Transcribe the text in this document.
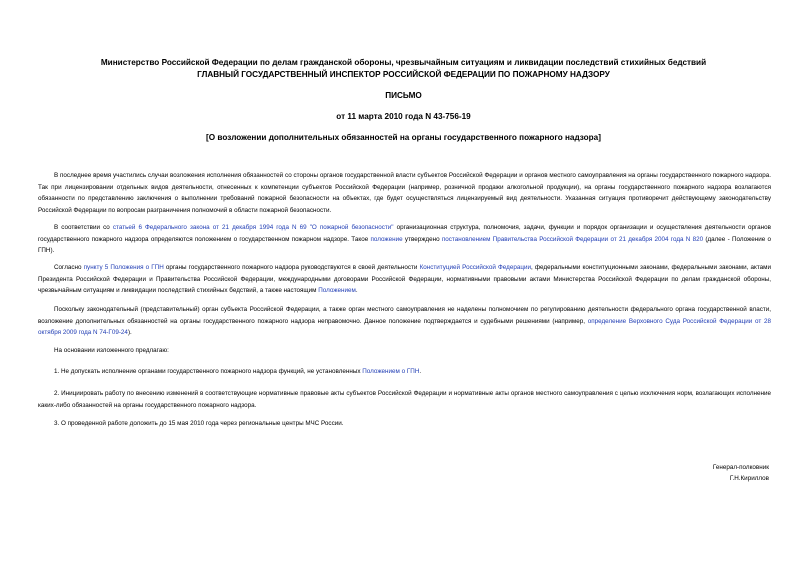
Министерство Российской Федерации по делам гражданской обороны, чрезвычайным ситуациям и ликвидации последствий стихийных бедствий
ГЛАВНЫЙ ГОСУДАРСТВЕННЫЙ ИНСПЕКТОР РОССИЙСКОЙ ФЕДЕРАЦИИ ПО ПОЖАРНОМУ НАДЗОРУ
ПИСЬМО
от 11 марта 2010 года N 43-756-19
[О возложении дополнительных обязанностей на органы государственного пожарного надзора]

В последнее время участились случаи возложения исполнения обязанностей со стороны органов государственной власти субъектов Российской Федерации и органов местного самоуправления на органы государственного пожарного надзора. Так при лицензировании отдельных видов деятельности, отнесенных к компетенции субъектов Российской Федерации (например, розничной продажи алкогольной продукции), на органы государственного пожарного надзора возлагаются обязанности по представлению заключения о выполнении требований пожарной безопасности на объектах, где будет осуществляться лицензируемый вид деятельности. Указанная ситуация противоречит действующему законодательству Российской Федерации по вопросам разграничения полномочий в области пожарной безопасности.

В соответствии со статьей 6 Федерального закона от 21 декабря 1994 года N 69 "О пожарной безопасности" организационная структура, полномочия, задачи, функции и порядок организации и осуществления деятельности органов государственного пожарного надзора определяются положением о государственном пожарном надзоре. Такое положение утверждено постановлением Правительства Российской Федерации от 21 декабря 2004 года N 820 (далее - Положение о ГПН).

Согласно пункту 5 Положения о ГПН органы государственного пожарного надзора руководствуются в своей деятельности Конституцией Российской Федерации, федеральными конституционными законами, федеральными законами, актами Президента Российской Федерации и Правительства Российской Федерации, международными договорами Российской Федерации, нормативными правовыми актами Министерства Российской Федерации по делам гражданской обороны, чрезвычайным ситуациям и ликвидации последствий стихийных бедствий, а также настоящим Положением.

Поскольку законодательный (представительный) орган субъекта Российской Федерации, а также орган местного самоуправления не наделены полномочием по регулированию деятельности федерального органа государственной власти, возложение дополнительных обязанностей на органы государственного пожарного надзора неправомочно. Данное положение подтверждается и судебными решениями (например, определение Верховного Суда Российской Федерации от 28 октября 2009 года N 74-Г09-24).

На основании изложенного предлагаю:

1. Не допускать исполнение органами государственного пожарного надзора функций, не установленных Положением о ГПН.

2. Инициировать работу по внесению изменений в соответствующие нормативные правовые акты субъектов Российской Федерации и нормативные акты органов местного самоуправления с целью исключения норм, возлагающих исполнение каких-либо обязанностей на органы государственного пожарного надзора.

3. О проведенной работе доложить до 15 мая 2010 года через региональные центры МЧС России.

Генерал-полковник
Г.Н.Кириллов
